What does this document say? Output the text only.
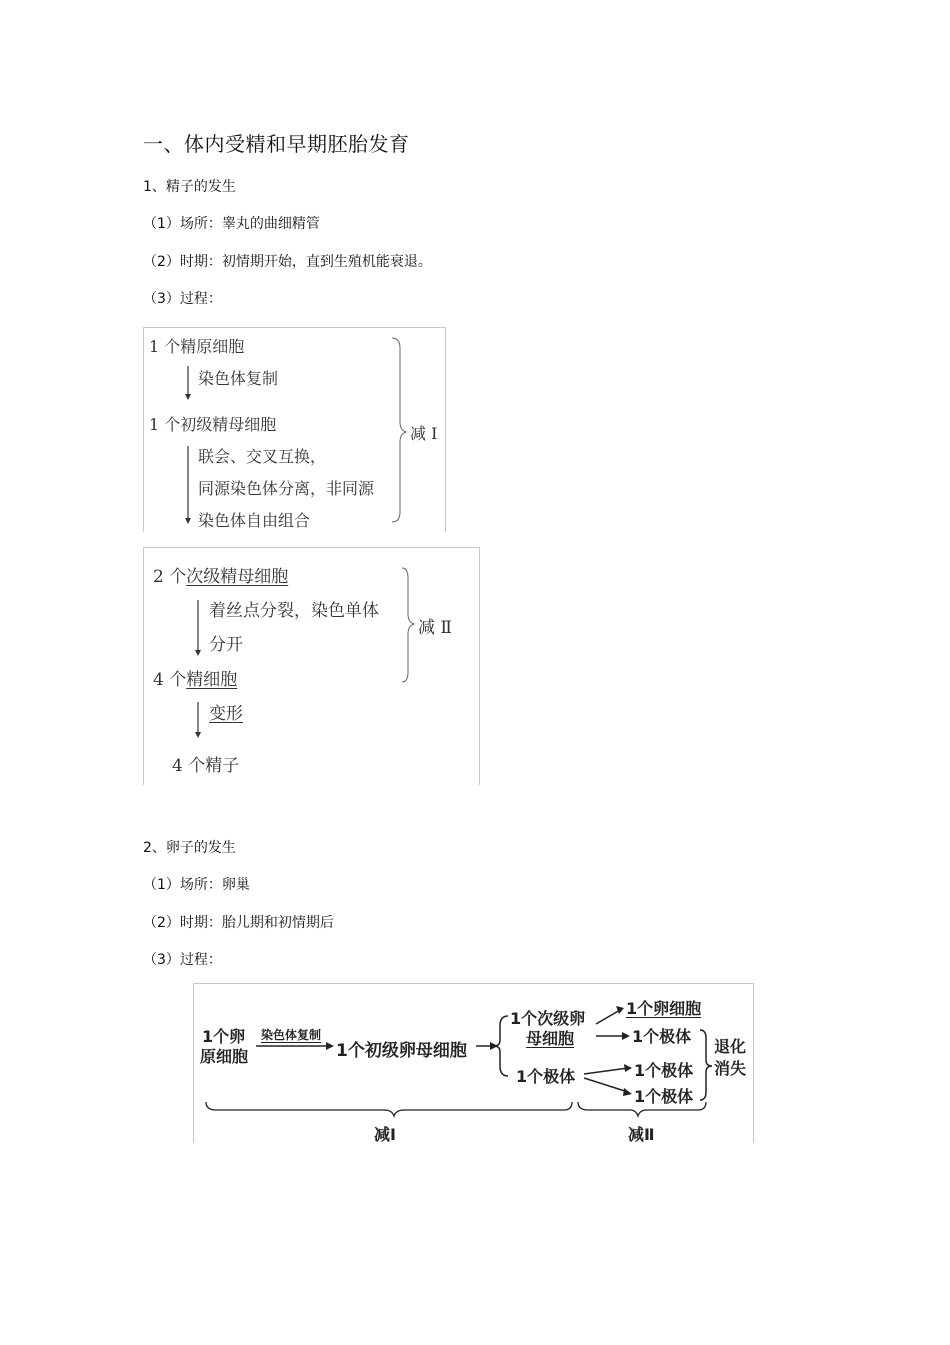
一、体内受精和早期胚胎发育
1、精子的发生
（1）场所：睾丸的曲细精管
（2）时期：初情期开始，直到生殖机能衰退。
（3）过程：
1 个精原细胞
染色体复制
1 个初级精母细胞
联会、交叉互换，
同源染色体分离，非同源
染色体自由组合
减 Ⅰ
2 个次级精母细胞
着丝点分裂，染色单体
分开
4 个精细胞
变形
4 个精子
减 Ⅱ
2、卵子的发生
（1）场所：卵巢
（2）时期：胎儿期和初情期后
（3）过程：
1个卵
原细胞
染色体复制
1个初级卵母细胞
1个次级卵
母细胞
1个极体
1个卵细胞
1个极体
1个极体
1个极体
退化
消失
减Ⅰ	减Ⅱ
